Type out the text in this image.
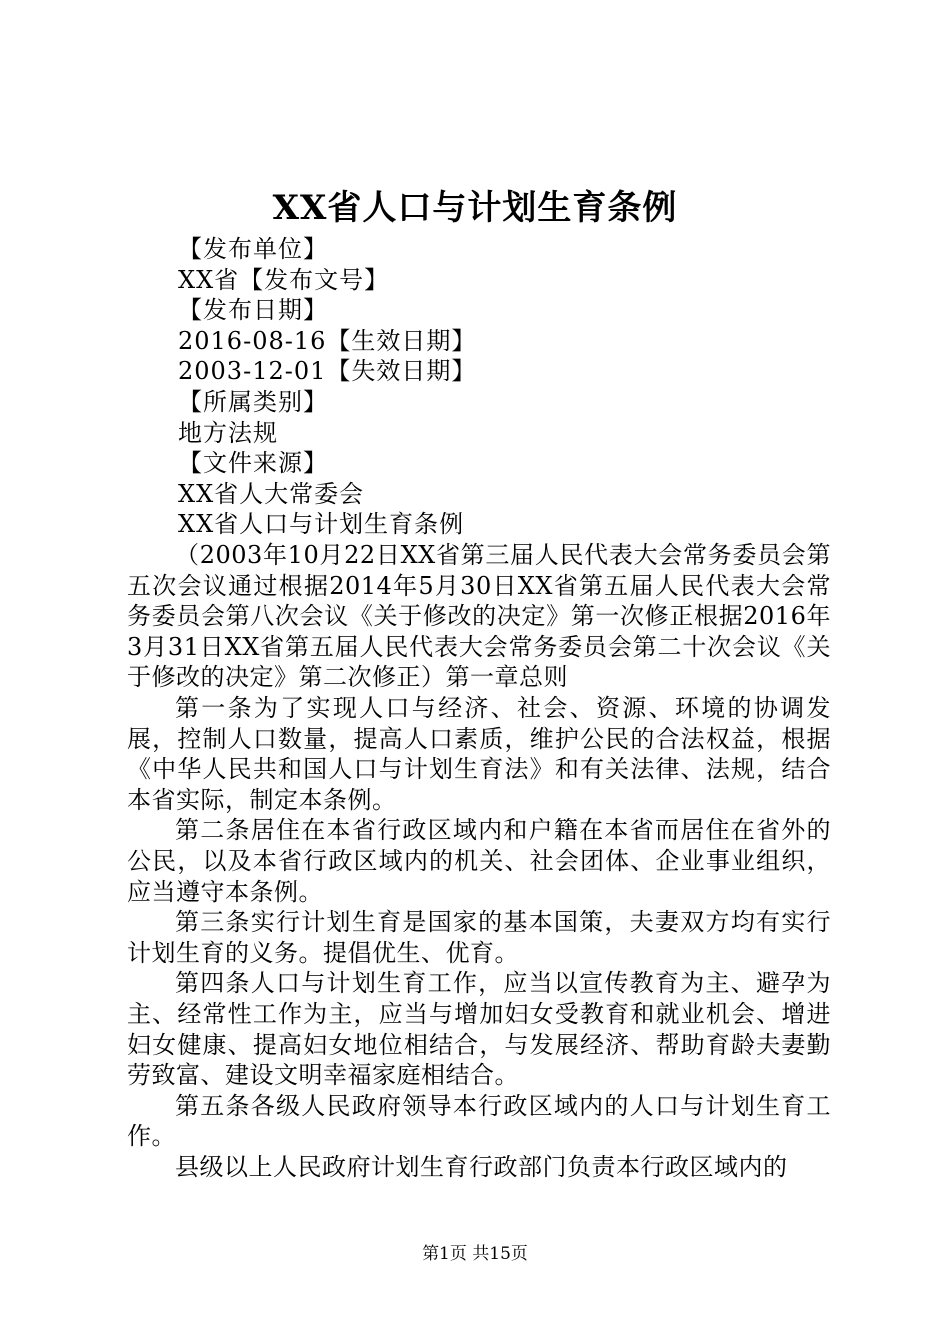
XX省人口与计划生育条例
【发布单位】
XX省【发布文号】
【发布日期】
2016-08-16【生效日期】
2003-12-01【失效日期】
【所属类别】
地方法规
【文件来源】
XX省人大常委会
XX省人口与计划生育条例

（2003年10月22日XX省第三届人民代表大会常务委员会第五次会议通过根据2014年5月30日XX省第五届人民代表大会常务委员会第八次会议《关于修改的决定》第一次修正根据2016年3月31日XX省第五届人民代表大会常务委员会第二十次会议《关于修改的决定》第二次修正）第一章总则

第一条为了实现人口与经济、社会、资源、环境的协调发展，控制人口数量，提高人口素质，维护公民的合法权益，根据《中华人民共和国人口与计划生育法》和有关法律、法规，结合本省实际，制定本条例。

第二条居住在本省行政区域内和户籍在本省而居住在省外的公民，以及本省行政区域内的机关、社会团体、企业事业组织，应当遵守本条例。

第三条实行计划生育是国家的基本国策，夫妻双方均有实行计划生育的义务。提倡优生、优育。

第四条人口与计划生育工作，应当以宣传教育为主、避孕为主、经常性工作为主，应当与增加妇女受教育和就业机会、增进妇女健康、提高妇女地位相结合，与发展经济、帮助育龄夫妻勤劳致富、建设文明幸福家庭相结合。

第五条各级人民政府领导本行政区域内的人口与计划生育工作。

县级以上人民政府计划生育行政部门负责本行政区域内的

第1页 共15页
